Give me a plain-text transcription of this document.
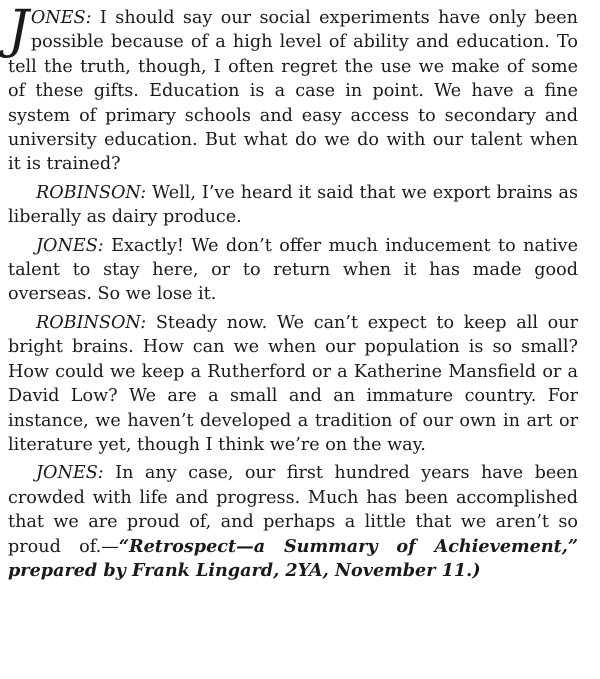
JONES: I should say our social experiments have only been possible because of a high level of ability and education. To tell the truth, though, I often regret the use we make of some of these gifts. Education is a case in point. We have a fine system of primary schools and easy access to secondary and university education. But what do we do with our talent when it is trained?

ROBINSON: Well, I’ve heard it said that we export brains as liberally as dairy produce.

JONES: Exactly! We don’t offer much inducement to native talent to stay here, or to return when it has made good overseas. So we lose it.

ROBINSON: Steady now. We can’t expect to keep all our bright brains. How can we when our population is so small? How could we keep a Rutherford or a Katherine Mansfield or a David Low? We are a small and an immature country. For instance, we haven’t developed a tradition of our own in art or literature yet, though I think we’re on the way.

JONES: In any case, our first hundred years have been crowded with life and progress. Much has been accomplished that we are proud of, and perhaps a little that we aren’t so proud of.—“Retrospect—a Summary of Achievement,” prepared by Frank Lingard, 2YA, November 11.)
